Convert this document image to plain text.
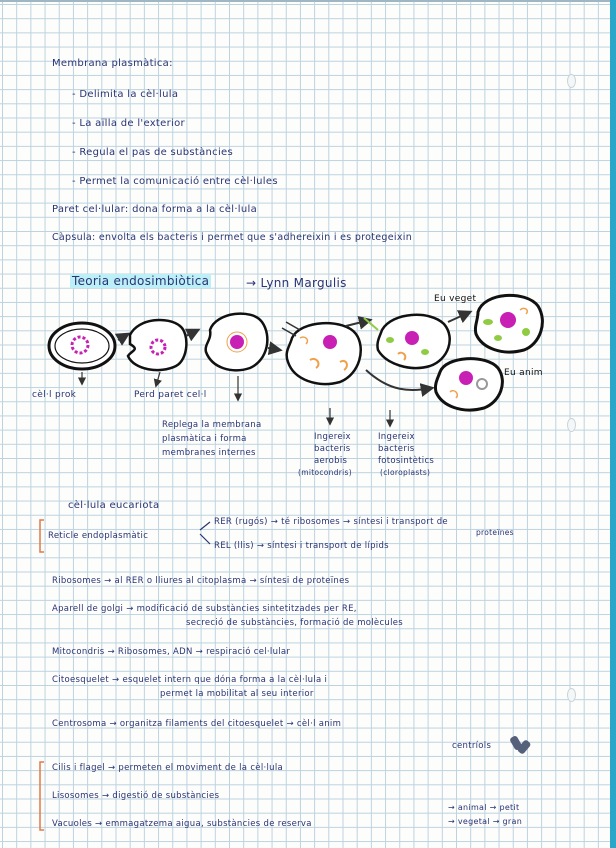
Membrana plasmàtica:
- Delimita la cèl·lula
- La aïlla de l'exterior
- Regula el pas de substàncies
- Permet la comunicació entre cèl·lules
Paret cel·lular: dona forma a la cèl·lula
Càpsula: envolta els bacteris i permet que s'adhereixin i es protegeixin
Teoria endosimbiòtica	→ Lynn Margulis
cèl·l prok	Perd paret cel·l
Replega la membrana
plasmàtica i forma
membranes internes
Ingereix
bacteris
aerobis
(mitocondris)
Ingereix
bacteris
fotosintètics
(cloroplasts)
Eu veget
Eu anim
cèl·lula eucariota
Reticle endoplasmàtic
RER (rugós) → té ribosomes → síntesi i transport de
proteïnes
REL (llis) → síntesi i transport de lípids
Ribosomes → al RER o lliures al citoplasma → síntesi de proteïnes
Aparell de golgi → modificació de substàncies sintetitzades per RE,
secreció de substàncies, formació de molècules
Mitocondris → Ribosomes, ADN → respiració cel·lular
Citoesquelet → esquelet intern que dóna forma a la cèl·lula i
permet la mobilitat al seu interior
Centrosoma → organitza filaments del citoesquelet → cèl·l anim
centríols
Cilis i flagel → permeten el moviment de la cèl·lula
Lisosomes → digestió de substàncies
Vacuoles → emmagatzema aigua, substàncies de reserva
→ animal → petit
→ vegetal → gran
